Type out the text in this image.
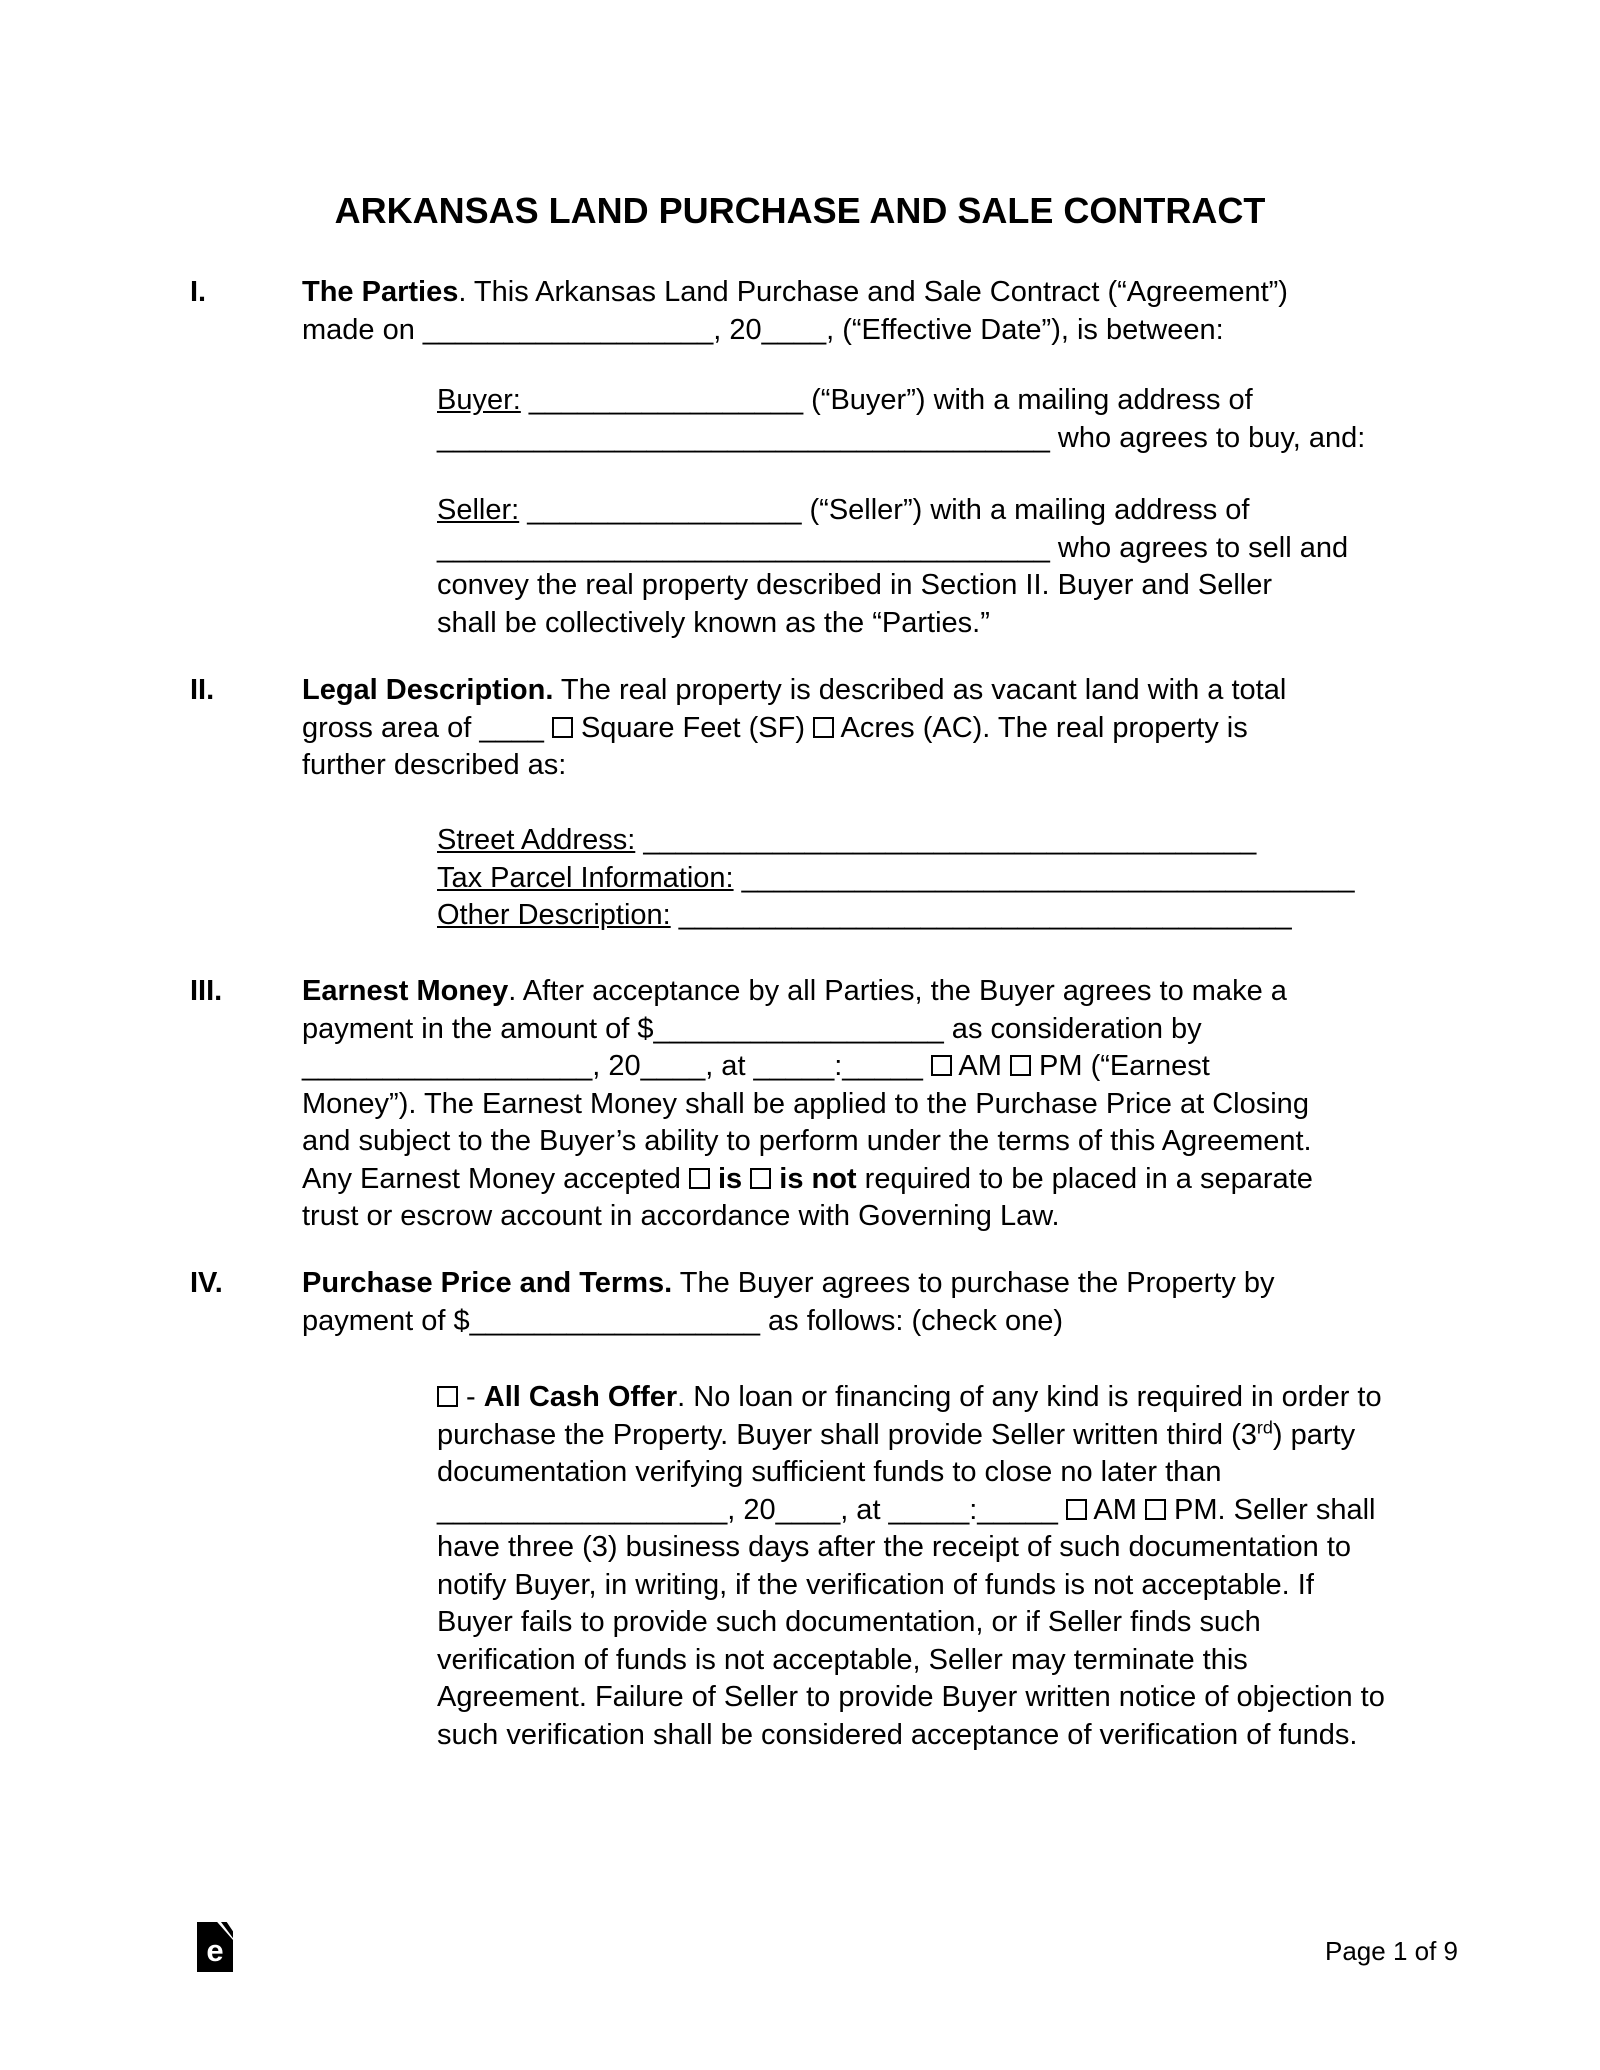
ARKANSAS LAND PURCHASE AND SALE CONTRACT
I.	The Parties. This Arkansas Land Purchase and Sale Contract (“Agreement”)
made on __________________, 20____, (“Effective Date”), is between:
Buyer: _________________ (“Buyer”) with a mailing address of
______________________________________ who agrees to buy, and:
Seller: _________________ (“Seller”) with a mailing address of
______________________________________ who agrees to sell and
convey the real property described in Section II. Buyer and Seller
shall be collectively known as the “Parties.”
II.	Legal Description. The real property is described as vacant land with a total
gross area of ____  Square Feet (SF)  Acres (AC). The real property is
further described as:
Street Address: ______________________________________
Tax Parcel Information: ______________________________________
Other Description: ______________________________________
III.	Earnest Money. After acceptance by all Parties, the Buyer agrees to make a
payment in the amount of $__________________ as consideration by
__________________, 20____, at _____:_____  AM  PM (“Earnest
Money”). The Earnest Money shall be applied to the Purchase Price at Closing
and subject to the Buyer’s ability to perform under the terms of this Agreement.
Any Earnest Money accepted  is  is not required to be placed in a separate
trust or escrow account in accordance with Governing Law.
IV.	Purchase Price and Terms. The Buyer agrees to purchase the Property by
payment of $__________________ as follows: (check one)
- All Cash Offer. No loan or financing of any kind is required in order to
purchase the Property. Buyer shall provide Seller written third (3rd) party
documentation verifying sufficient funds to close no later than
__________________, 20____, at _____:_____  AM  PM. Seller shall
have three (3) business days after the receipt of such documentation to
notify Buyer, in writing, if the verification of funds is not acceptable. If
Buyer fails to provide such documentation, or if Seller finds such
verification of funds is not acceptable, Seller may terminate this
Agreement. Failure of Seller to provide Buyer written notice of objection to
such verification shall be considered acceptance of verification of funds.
e	Page 1 of 9
